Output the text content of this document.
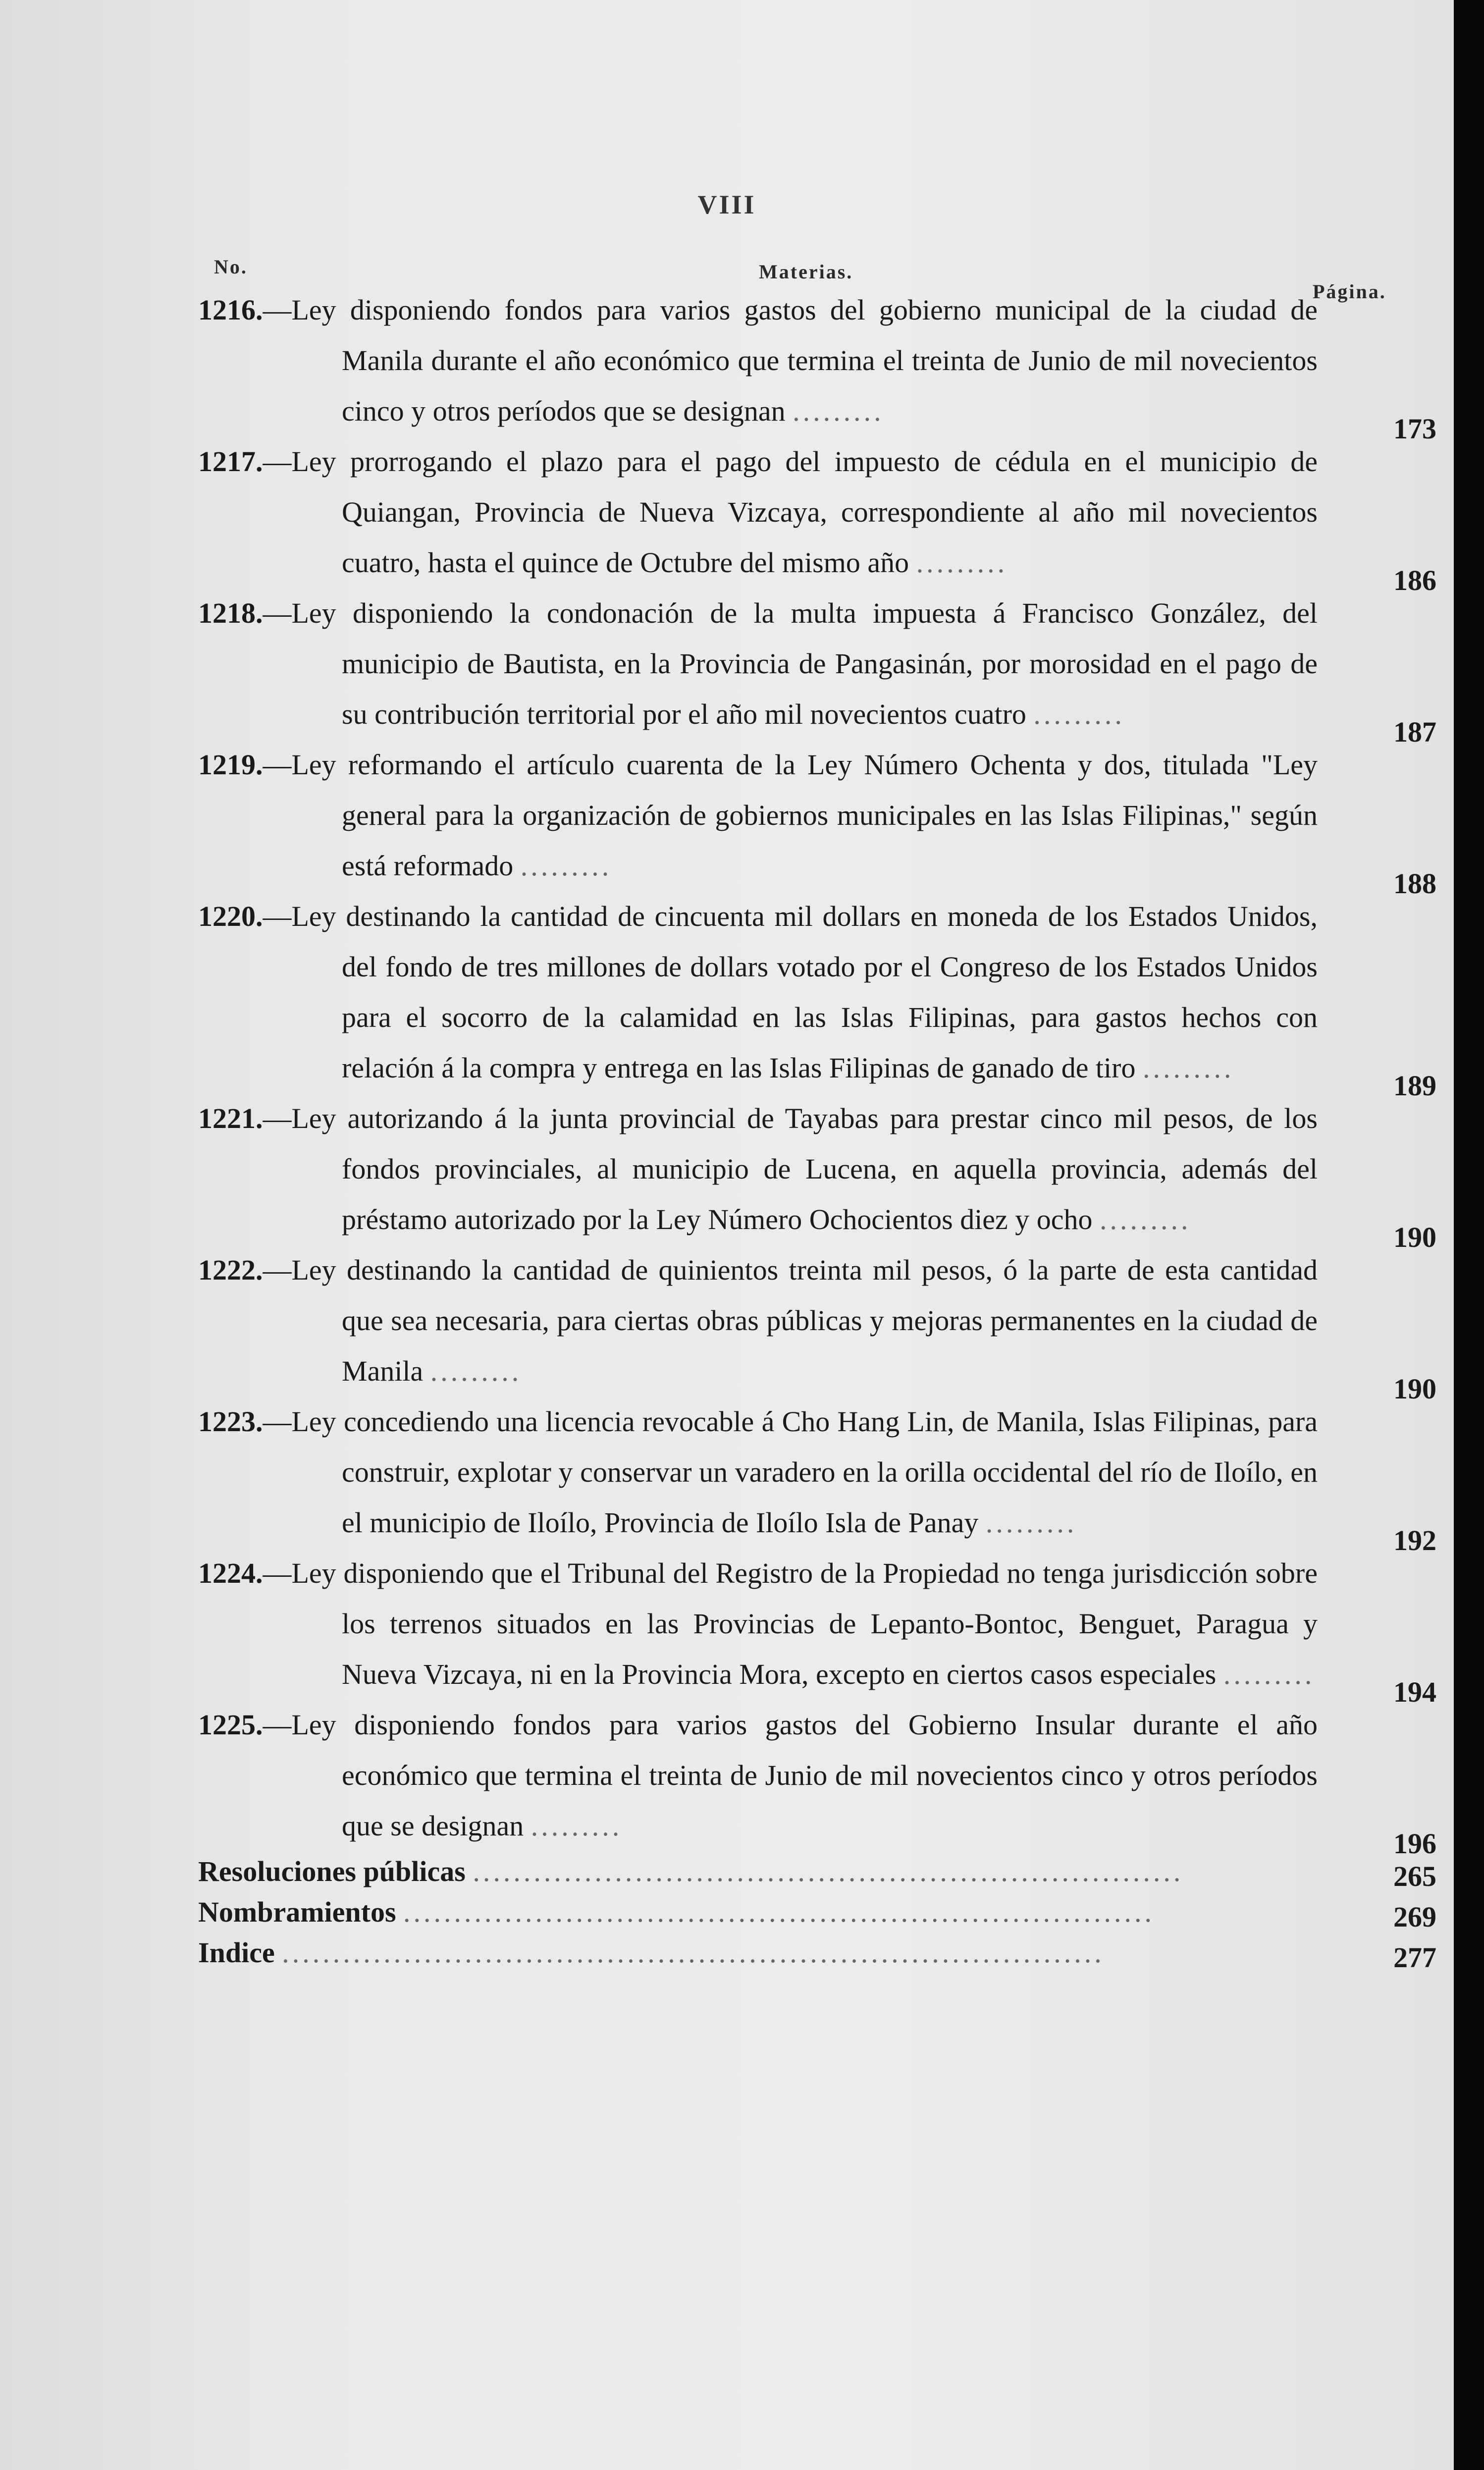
VIII
No.	Materias.
Página.

1216.—Ley disponiendo fondos para varios gastos del gobierno municipal de la ciudad de Manila durante el año económico que termina el treinta de Junio de mil novecientos cinco y otros períodos que se designan .........
173

1217.—Ley prorrogando el plazo para el pago del impuesto de cédula en el municipio de Quiangan, Provincia de Nueva Vizcaya, correspondiente al año mil novecientos cuatro, hasta el quince de Octubre del mismo año .........
186

1218.—Ley disponiendo la condonación de la multa impuesta á Francisco González, del municipio de Bautista, en la Provincia de Pangasinán, por morosidad en el pago de su contribución territorial por el año mil novecientos cuatro .........
187

1219.—Ley reformando el artículo cuarenta de la Ley Número Ochenta y dos, titulada "Ley general para la organización de gobiernos municipales en las Islas Filipinas," según está reformado .........
188

1220.—Ley destinando la cantidad de cincuenta mil dollars en moneda de los Estados Unidos, del fondo de tres millones de dollars votado por el Congreso de los Estados Unidos para el socorro de la calamidad en las Islas Filipinas, para gastos hechos con relación á la compra y entrega en las Islas Filipinas de ganado de tiro .........
189

1221.—Ley autorizando á la junta provincial de Tayabas para prestar cinco mil pesos, de los fondos provinciales, al municipio de Lucena, en aquella provincia, además del préstamo autorizado por la Ley Número Ochocientos diez y ocho .........
190

1222.—Ley destinando la cantidad de quinientos treinta mil pesos, ó la parte de esta cantidad que sea necesaria, para ciertas obras públicas y mejoras permanentes en la ciudad de Manila .........
190

1223.—Ley concediendo una licencia revocable á Cho Hang Lin, de Manila, Islas Filipinas, para construir, explotar y conservar un varadero en la orilla occidental del río de Iloílo, en el municipio de Iloílo, Provincia de Iloílo Isla de Panay .........
192

1224.—Ley disponiendo que el Tribunal del Registro de la Propiedad no tenga jurisdicción sobre los terrenos situados en las Provincias de Lepanto-Bontoc, Benguet, Paragua y Nueva Vizcaya, ni en la Provincia Mora, excepto en ciertos casos especiales .........
194

1225.—Ley disponiendo fondos para varios gastos del Gobierno Insular durante el año económico que termina el treinta de Junio de mil novecientos cinco y otros períodos que se designan .........
196

Resoluciones públicas ......................................................................	265

Nombramientos ..........................................................................	269

Indice .................................................................................	277
